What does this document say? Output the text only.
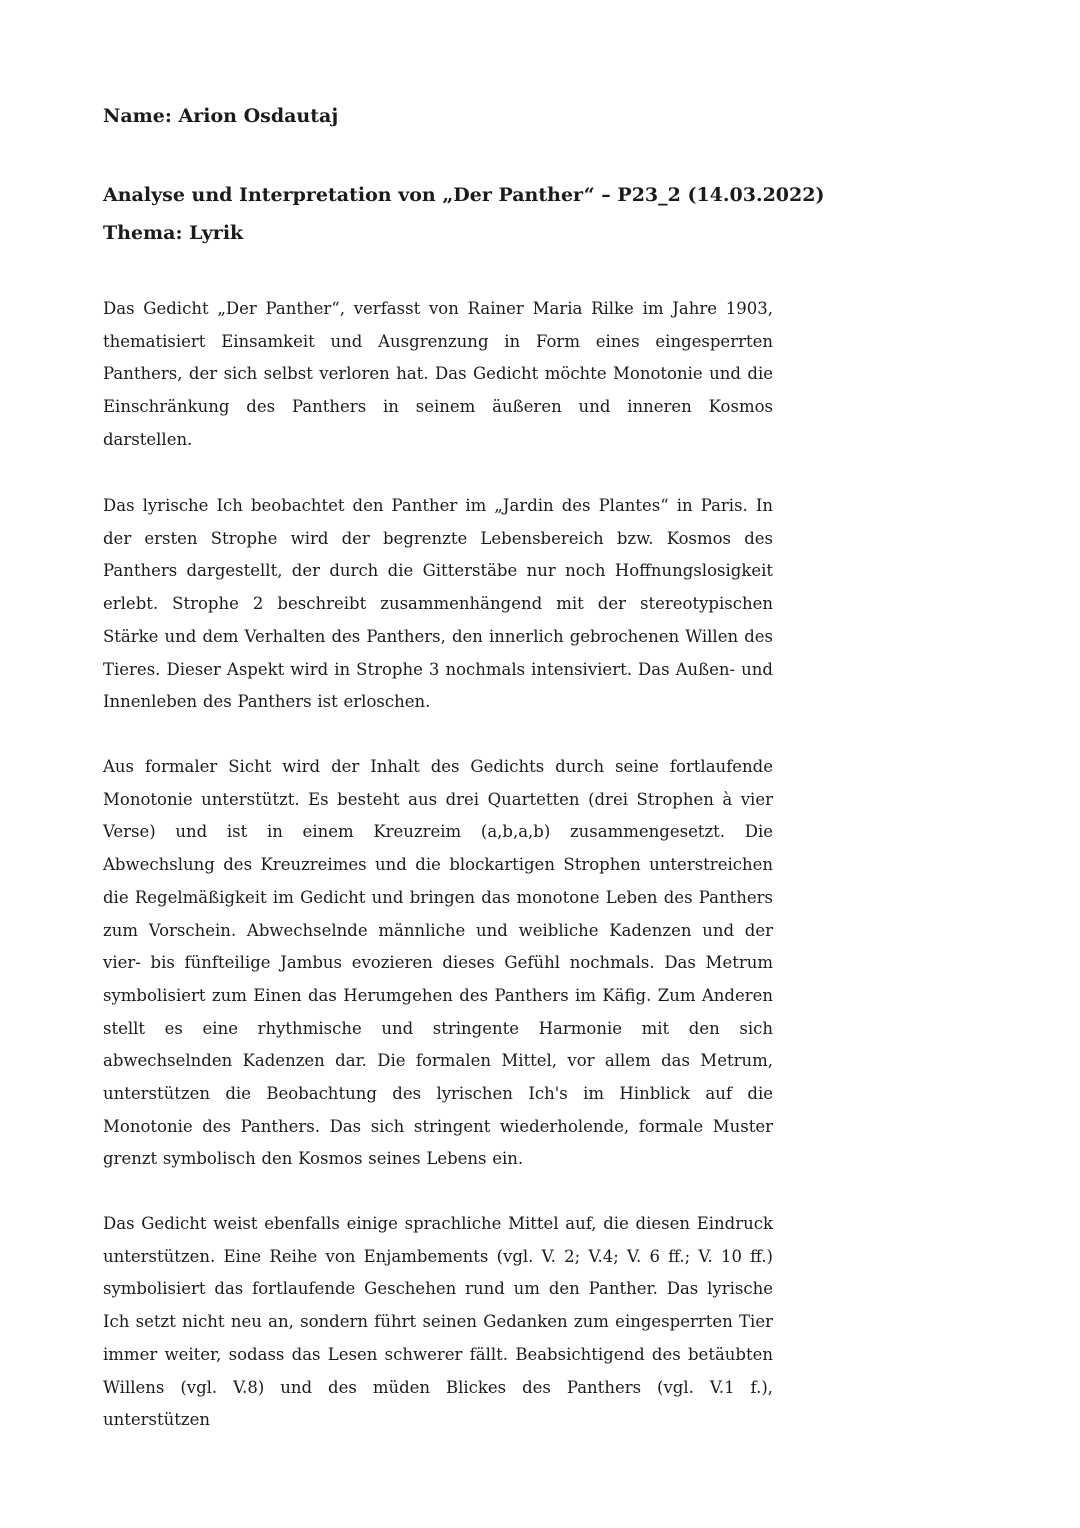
Name: Arion Osdautaj

Analyse und Interpretation von „Der Panther“ – P23_2 (14.03.2022)
Thema: Lyrik

Das Gedicht „Der Panther“, verfasst von Rainer Maria Rilke im Jahre 1903, thematisiert Einsamkeit und Ausgrenzung in Form eines eingesperrten Panthers, der sich selbst verloren hat. Das Gedicht möchte Monotonie und die Einschränkung des Panthers in seinem äußeren und inneren Kosmos darstellen.

Das lyrische Ich beobachtet den Panther im „Jardin des Plantes“ in Paris. In der ersten Strophe wird der begrenzte Lebensbereich bzw. Kosmos des Panthers dargestellt, der durch die Gitterstäbe nur noch Hoffnungslosigkeit erlebt. Strophe 2 beschreibt zusammenhängend mit der stereotypischen Stärke und dem Verhalten des Panthers, den innerlich gebrochenen Willen des Tieres. Dieser Aspekt wird in Strophe 3 nochmals intensiviert. Das Außen- und Innenleben des Panthers ist erloschen.

Aus formaler Sicht wird der Inhalt des Gedichts durch seine fortlaufende Monotonie unterstützt. Es besteht aus drei Quartetten (drei Strophen à vier Verse) und ist in einem Kreuzreim (a,b,a,b) zusammengesetzt. Die Abwechslung des Kreuzreimes und die blockartigen Strophen unterstreichen die Regelmäßigkeit im Gedicht und bringen das monotone Leben des Panthers zum Vorschein. Abwechselnde männliche und weibliche Kadenzen und der vier- bis fünfteilige Jambus evozieren dieses Gefühl nochmals. Das Metrum symbolisiert zum Einen das Herumgehen des Panthers im Käfig. Zum Anderen stellt es eine rhythmische und stringente Harmonie mit den sich abwechselnden Kadenzen dar. Die formalen Mittel, vor allem das Metrum, unterstützen die Beobachtung des lyrischen Ich's im Hinblick auf die Monotonie des Panthers. Das sich stringent wiederholende, formale Muster grenzt symbolisch den Kosmos seines Lebens ein.

Das Gedicht weist ebenfalls einige sprachliche Mittel auf, die diesen Eindruck unterstützen. Eine Reihe von Enjambements (vgl. V. 2; V.4; V. 6 ff.; V. 10 ff.) symbolisiert das fortlaufende Geschehen rund um den Panther. Das lyrische Ich setzt nicht neu an, sondern führt seinen Gedanken zum eingesperrten Tier immer weiter, sodass das Lesen schwerer fällt. Beabsichtigend des betäubten Willens (vgl. V.8) und des müden Blickes des Panthers (vgl. V.1 f.), unterstützen
